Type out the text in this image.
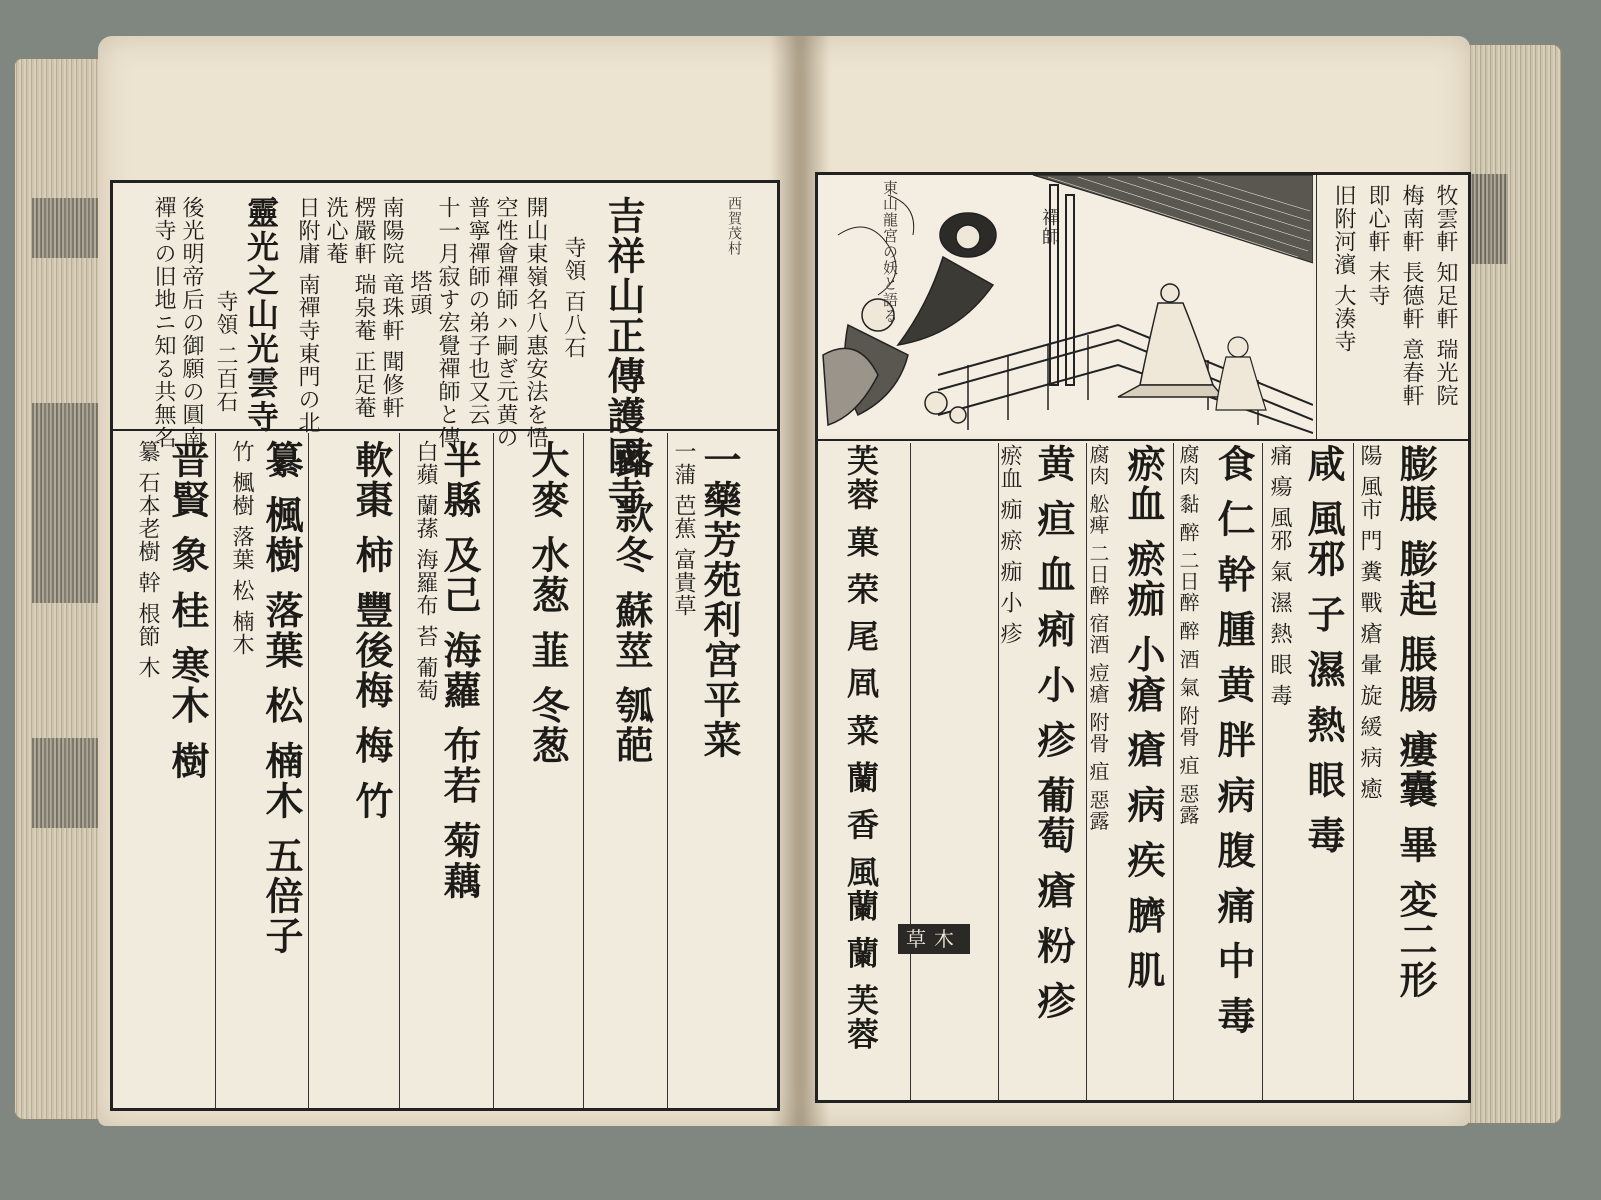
吉祥山正傳護國寺	西賀茂村
寺領 百八石
開山東嶺名八惠安法を悟
空性會禪師ハ嗣ぎ元黄の
普寧禪師の弟子也又云
十一月寂す宏覺禪師と傳
塔頭
南陽院 竜珠軒 聞修軒
楞嚴軒 瑞泉菴 正足菴
洗心菴
日附庸 南禪寺東門の北
靈光之山光雲寺
寺領 二百石
後光明帝后の御願の圓南
禪寺の旧地ニ知る共無名
一藥芳苑利宮平菜
一蒲 芭蕉 富貴草
蕗 款冬 蘇莖 瓠葩
大麥 水葱 韮 冬葱
半縣 及己 海蘿 布若 菊藕
白蘋 蘭蓀 海羅布 苔 葡萄
軟棗 柿 豐後梅 梅 竹
纂 楓樹 落葉 松 楠木 五倍子
竹 楓樹 落葉 松 楠木
晋賢 象 桂 寒木 樹
纂 石本老樹 幹 根節 木
禪師
東山龍宮の妖と語る	牧雲軒 知足軒 瑞光院
梅南軒 長德軒 意春軒
即心軒 末寺
旧附河濱 大湊寺
膨脹 膨起 脹腸 瘻囊 畢 変二形
陽 風市 門 糞 戰 瘡 暈 旋 緩 病 癒
咸 風邪 子 濕 熱 眼 毒
痛 瘍 風邪 氣 濕 熱 眼 毒
食 仁 幹 腫 黄 胖 病 腹 痛 中 毒
腐肉 黏 醉 二日醉 醉 酒 氣 附骨 疽 惡露
瘀血 瘀痂 小瘡 瘡 病 疾 臍 肌
腐肉 舩痺 二日醉 宿酒 痘瘡 附骨 疽 惡露
黄 疸 血 痢 小 疹 葡萄 瘡 粉 疹
瘀血 痂 瘀 痂 小 疹
芙蓉 菓 荣 尾 凮 菜 蘭 香 風蘭 蘭 芙蓉	草木
